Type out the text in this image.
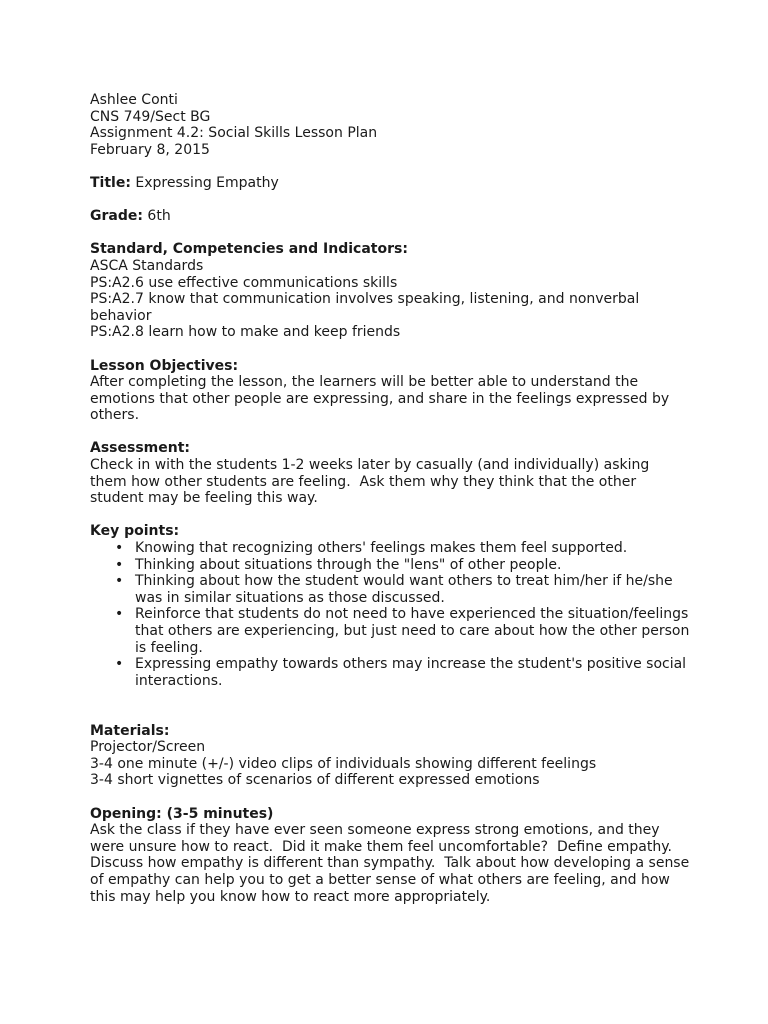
Ashlee Conti
CNS 749/Sect BG
Assignment 4.2: Social Skills Lesson Plan
February 8, 2015
Title: Expressing Empathy
Grade: 6th
Standard, Competencies and Indicators:
ASCA Standards
PS:A2.6 use effective communications skills
PS:A2.7 know that communication involves speaking, listening, and nonverbal behavior
PS:A2.8 learn how to make and keep friends
Lesson Objectives:
After completing the lesson, the learners will be better able to understand the emotions that other people are expressing, and share in the feelings expressed by others.
Assessment:
Check in with the students 1-2 weeks later by casually (and individually) asking them how other students are feeling.  Ask them why they think that the other student may be feeling this way.
Key points:
• Knowing that recognizing others' feelings makes them feel supported.
• Thinking about situations through the "lens" of other people.
• Thinking about how the student would want others to treat him/her if he/she was in similar situations as those discussed.
• Reinforce that students do not need to have experienced the situation/feelings that others are experiencing, but just need to care about how the other person is feeling.
• Expressing empathy towards others may increase the student's positive social interactions.
Materials:
Projector/Screen
3-4 one minute (+/-) video clips of individuals showing different feelings
3-4 short vignettes of scenarios of different expressed emotions
Opening: (3-5 minutes)
Ask the class if they have ever seen someone express strong emotions, and they were unsure how to react.  Did it make them feel uncomfortable?  Define empathy. Discuss how empathy is different than sympathy.  Talk about how developing a sense of empathy can help you to get a better sense of what others are feeling, and how this may help you know how to react more appropriately.
